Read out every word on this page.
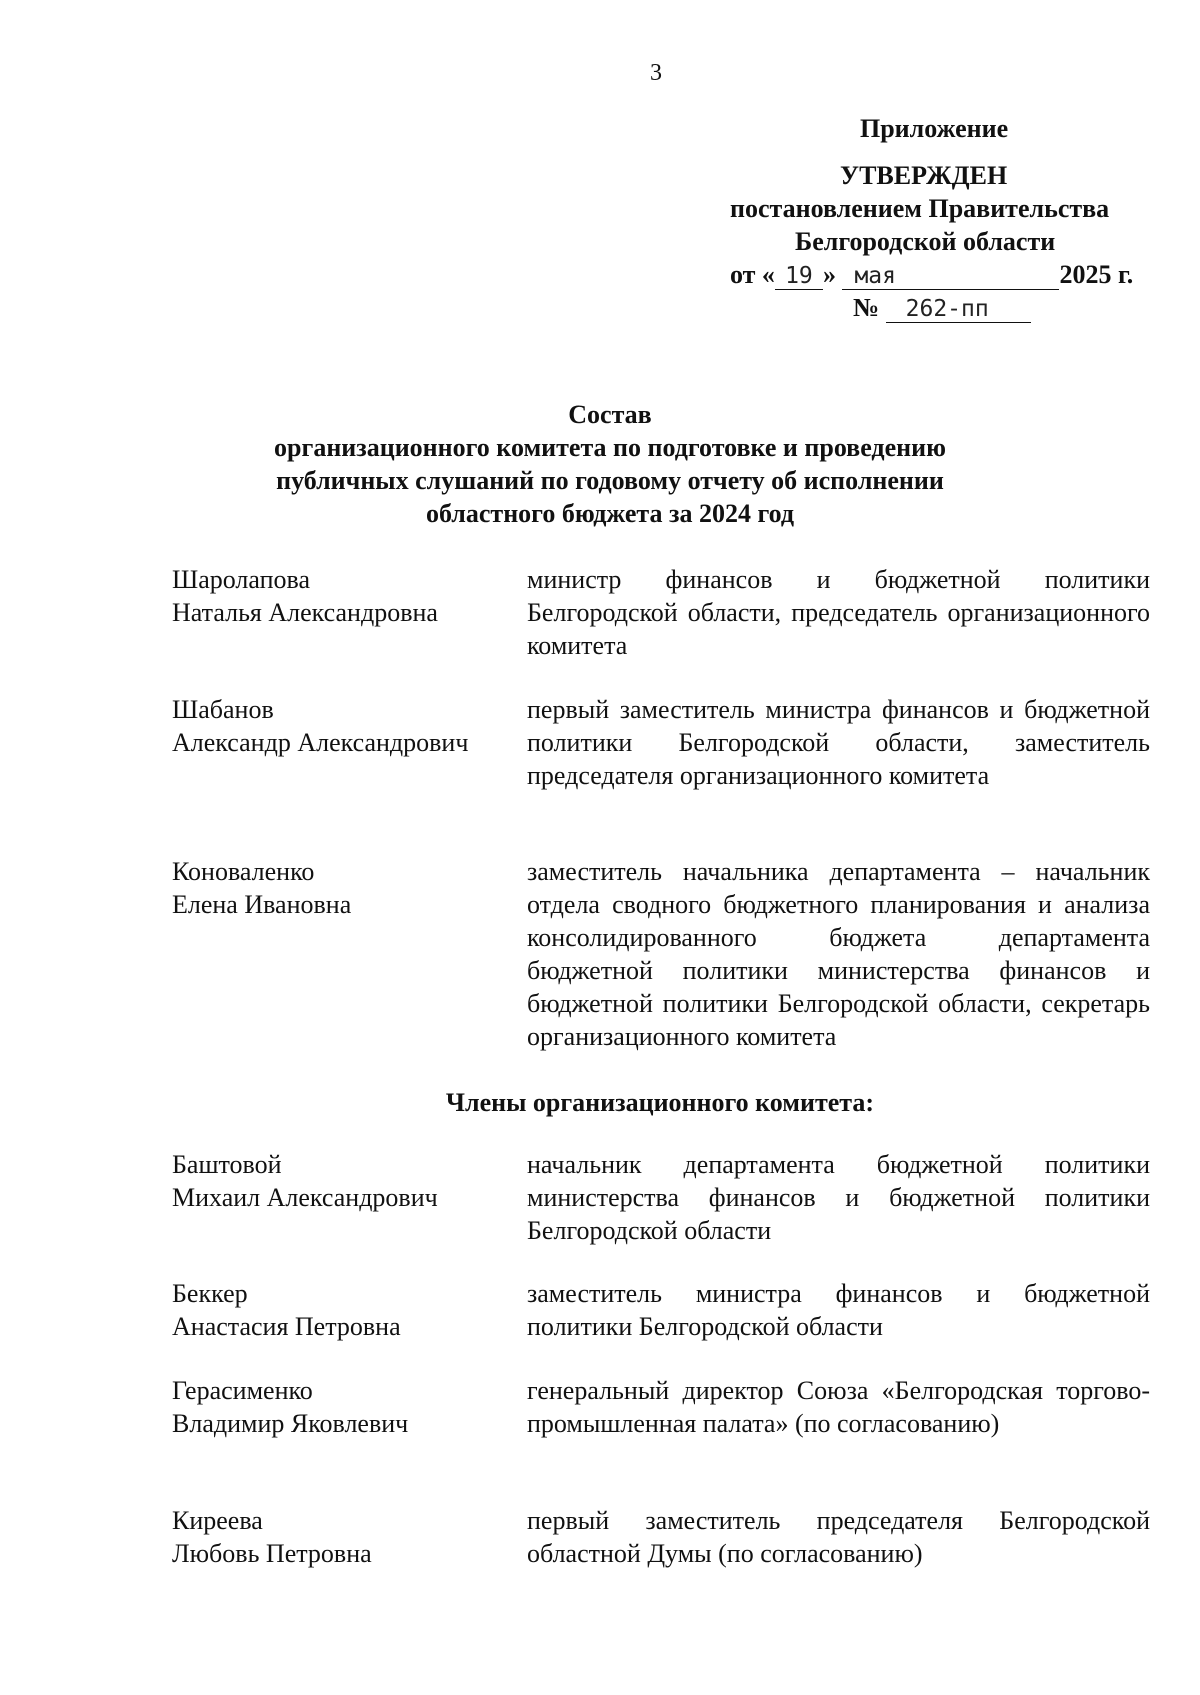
3
Приложение
УТВЕРЖДЕН
постановлением Правительства
Белгородской области
от « 19 » мая	2025 г.
№ 262-пп
Состав
организационного комитета по подготовке и проведению
публичных слушаний по годовому отчету об исполнении
областного бюджета за 2024 год
Шаролапова
Наталья Александровна
министр финансов и бюджетной политики Белгородской области, председатель организационного комитета
Шабанов
Александр Александрович
первый заместитель министра финансов и бюджетной политики Белгородской области, заместитель председателя организационного комитета
Коноваленко
Елена Ивановна
заместитель начальника департамента – начальник отдела сводного бюджетного планирования и анализа консолидированного бюджета департамента бюджетной политики министерства финансов и бюджетной политики Белгородской области, секретарь организационного комитета
Члены организационного комитета:
Баштовой
Михаил Александрович
начальник департамента бюджетной политики министерства финансов и бюджетной политики Белгородской области
Беккер
Анастасия Петровна
заместитель министра финансов и бюджетной политики Белгородской области
Герасименко
Владимир Яковлевич
генеральный директор Союза «Белгородская торгово-промышленная палата» (по согласованию)
Киреева
Любовь Петровна
первый заместитель председателя Белгородской областной Думы (по согласованию)
